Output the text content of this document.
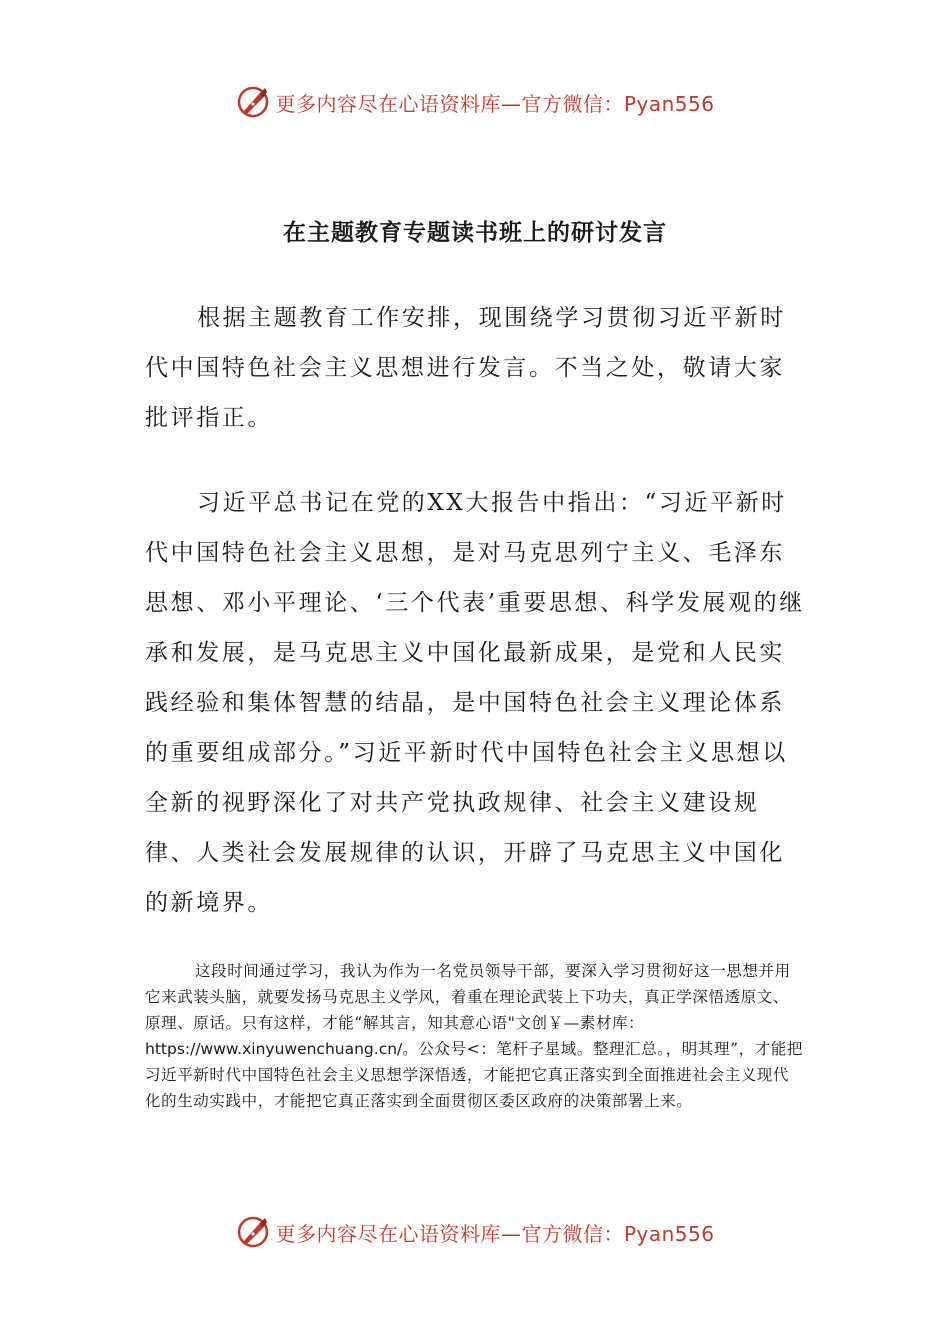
更多内容尽在心语资料库—官方微信：Pyan556
在主题教育专题读书班上的研讨发言

根据主题教育工作安排，现围绕学习贯彻习近平新时代中国特色社会主义思想进行发言。不当之处，敬请大家批评指正。

习近平总书记在党的XX大报告中指出：“习近平新时代中国特色社会主义思想，是对马克思列宁主义、毛泽东思想、邓小平理论、‘三个代表’重要思想、科学发展观的继承和发展，是马克思主义中国化最新成果，是党和人民实践经验和集体智慧的结晶，是中国特色社会主义理论体系的重要组成部分。”习近平新时代中国特色社会主义思想以全新的视野深化了对共产党执政规律、社会主义建设规律、人类社会发展规律的认识，开辟了马克思主义中国化的新境界。

这段时间通过学习，我认为作为一名党员领导干部，要深入学习贯彻好这一思想并用它来武装头脑，就要发扬马克思主义学风，着重在理论武装上下功夫，真正学深悟透原文、原理、原话。只有这样，才能“解其言，知其意心语"文创￥—素材库：https://www.xinyuwenchuang.cn/。公众号<：笔杆子星域。整理汇总。，明其理”，才能把习近平新时代中国特色社会主义思想学深悟透，才能把它真正落实到全面推进社会主义现代化的生动实践中，才能把它真正落实到全面贯彻区委区政府的决策部署上来。

更多内容尽在心语资料库—官方微信：Pyan556
